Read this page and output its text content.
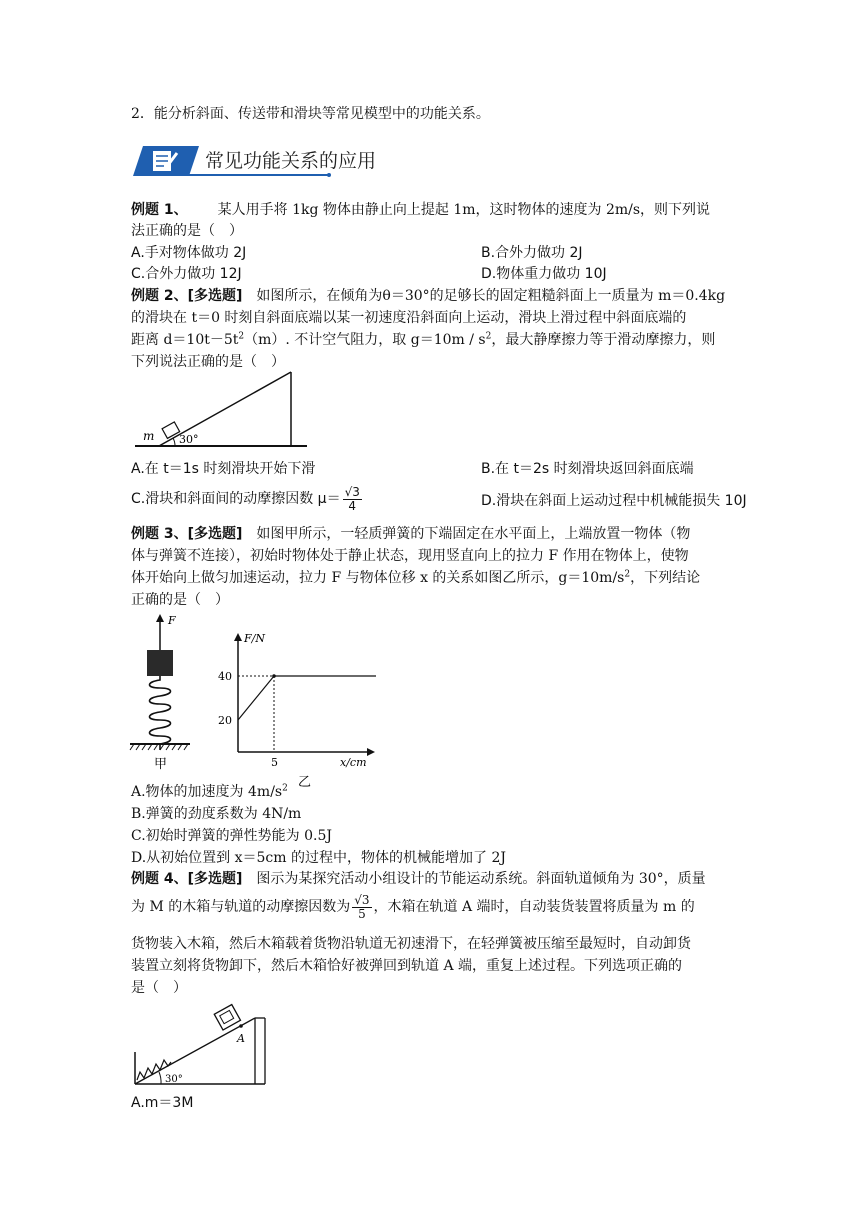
2．能分析斜面、传送带和滑块等常见模型中的功能关系。
常见功能关系的应用
例题 1、 某人用手将 1kg 物体由静止向上提起 1m，这时物体的速度为 2m/s，则下列说
法正确的是（　）
A.手对物体做功 2J	B.合外力做功 2J
C.合外力做功 12J	D.物体重力做功 10J
例题 2、[多选题] 如图所示，在倾角为θ＝30°的足够长的固定粗糙斜面上一质量为 m＝0.4kg
的滑块在 t＝0 时刻自斜面底端以某一初速度沿斜面向上运动，滑块上滑过程中斜面底端的
距离 $d=10t-5t^2(m)$. 不计空气阻力，取 $g=10m / s^2$，最大静摩擦力等于滑动摩擦力，则
下列说法正确的是（　）
m 30°
A.在 t＝1s 时刻滑块开始下滑	B.在 t＝2s 时刻滑块返回斜面底端
C.滑块和斜面间的动摩擦因数 $\mu= \frac{√3}{4}$	D.滑块在斜面上运动过程中机械能损失 10J
例题 3、[多选题] 如图甲所示，一轻质弹簧的下端固定在水平面上，上端放置一物体（物
体与弹簧不连接），初始时物体处于静止状态，现用竖直向上的拉力 F 作用在物体上，使物
体开始向上做匀加速运动，拉力 F 与物体位移 x 的关系如图乙所示，$g=10m/s^2$，下列结论
正确的是（　）
F
甲
F/N
x/cm
40
20
5
乙
A.物体的加速度为 $4m/s^2$
B.弹簧的劲度系数为 4N/m
C.初始时弹簧的弹性势能为 0.5J
D.从初始位置到 x＝5cm 的过程中，物体的机械能增加了 2J
例题 4、[多选题] 图示为某探究活动小组设计的节能运动系统。斜面轨道倾角为 30°，质量
为 M 的木箱与轨道的动摩擦因数为 $\frac{√3}{5}$ ，木箱在轨道 A 端时，自动装货装置将质量为 m 的
货物装入木箱，然后木箱载着货物沿轨道无初速滑下，在轻弹簧被压缩至最短时，自动卸货
装置立刻将货物卸下，然后木箱恰好被弹回到轨道 A 端，重复上述过程。下列选项正确的
是（　）
A
30°
A.m＝3M
